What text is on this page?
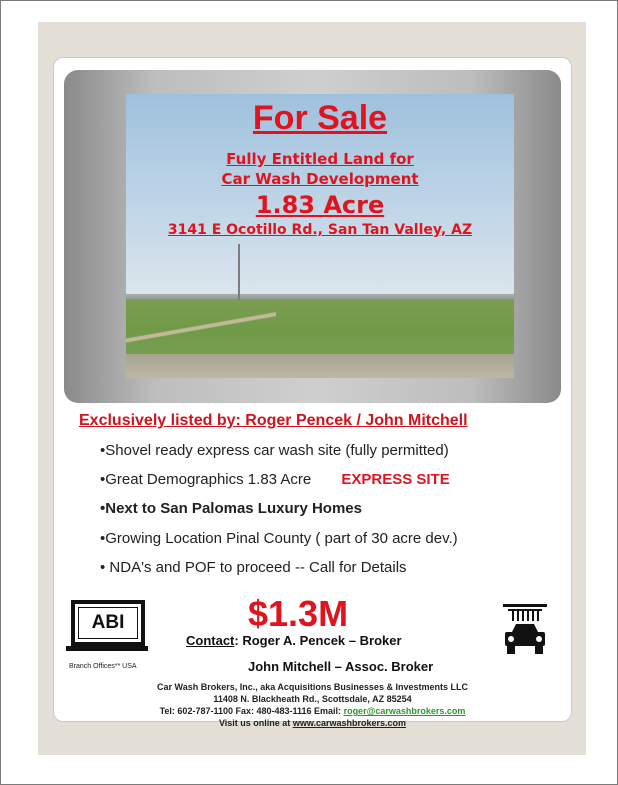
For Sale
Fully Entitled Land for
Car Wash Development
1.83 Acre
3141 E Ocotillo Rd., San Tan Valley, AZ
Exclusively listed by: Roger Pencek / John Mitchell
•Shovel ready express car wash site (fully permitted)
•Great Demographics 1.83 Acre EXPRESS SITE
•Next to San Palomas Luxury Homes
•Growing Location Pinal County ( part of 30 acre dev.)
• NDA's and POF to proceed -- Call for Details
ABI
Branch Offices** USA
$1.3M
Contact: Roger A. Pencek – Broker
John Mitchell – Assoc. Broker
Car Wash Brokers, Inc., aka Acquisitions Businesses & Investments LLC
11408 N. Blackheath Rd., Scottsdale, AZ 85254
Tel: 602-787-1100 Fax: 480-483-1116 Email: roger@carwashbrokers.com
Visit us online at www.carwashbrokers.com
